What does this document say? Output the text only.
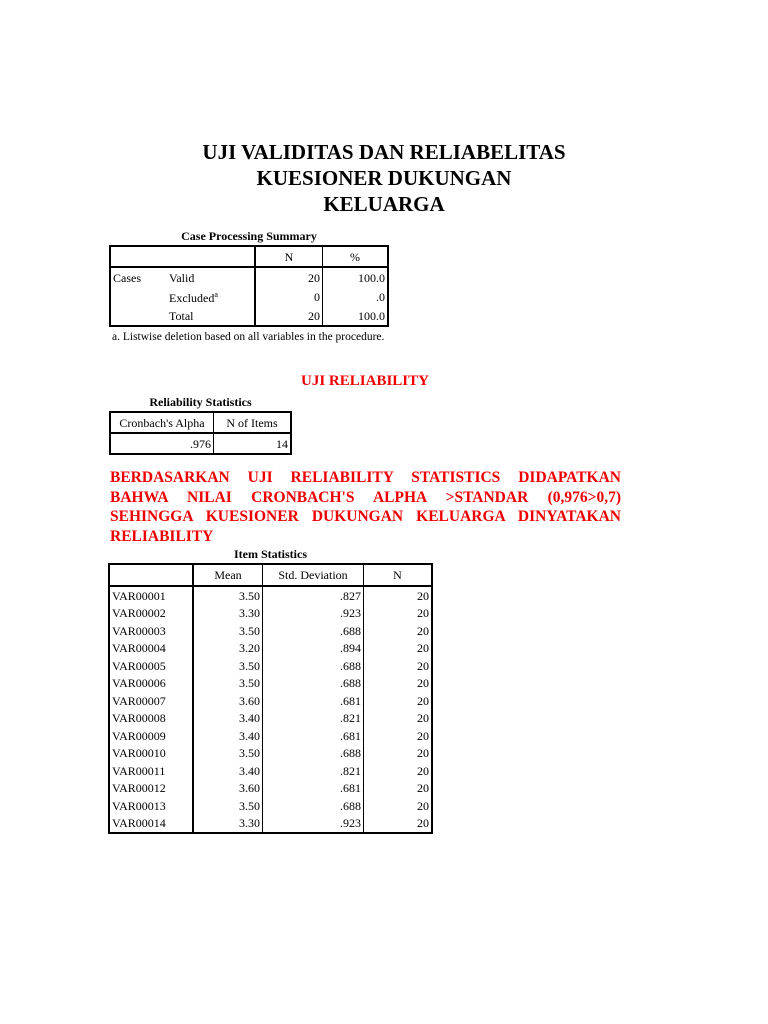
UJI VALIDITAS DAN RELIABELITAS
KUESIONER DUKUNGAN
KELUARGA
Case Processing Summary
		N	%
Cases	Valid	20	100.0
	Excluded$^a$	0	.0
	Total	20	100.0
a. Listwise deletion based on all variables in the procedure.
UJI RELIABILITY
Reliability Statistics
Cronbach's Alpha	N of Items
.976	14
BERDASARKAN UJI RELIABILITY STATISTICS DIDAPATKAN BAHWA NILAI CRONBACH'S ALPHA >STANDAR (0,976>0,7) SEHINGGA KUESIONER DUKUNGAN KELUARGA DINYATAKAN RELIABILITY
Item Statistics
	Mean	Std. Deviation	N
VAR00001	3.50	.827	20
VAR00002	3.30	.923	20
VAR00003	3.50	.688	20
VAR00004	3.20	.894	20
VAR00005	3.50	.688	20
VAR00006	3.50	.688	20
VAR00007	3.60	.681	20
VAR00008	3.40	.821	20
VAR00009	3.40	.681	20
VAR00010	3.50	.688	20
VAR00011	3.40	.821	20
VAR00012	3.60	.681	20
VAR00013	3.50	.688	20
VAR00014	3.30	.923	20
